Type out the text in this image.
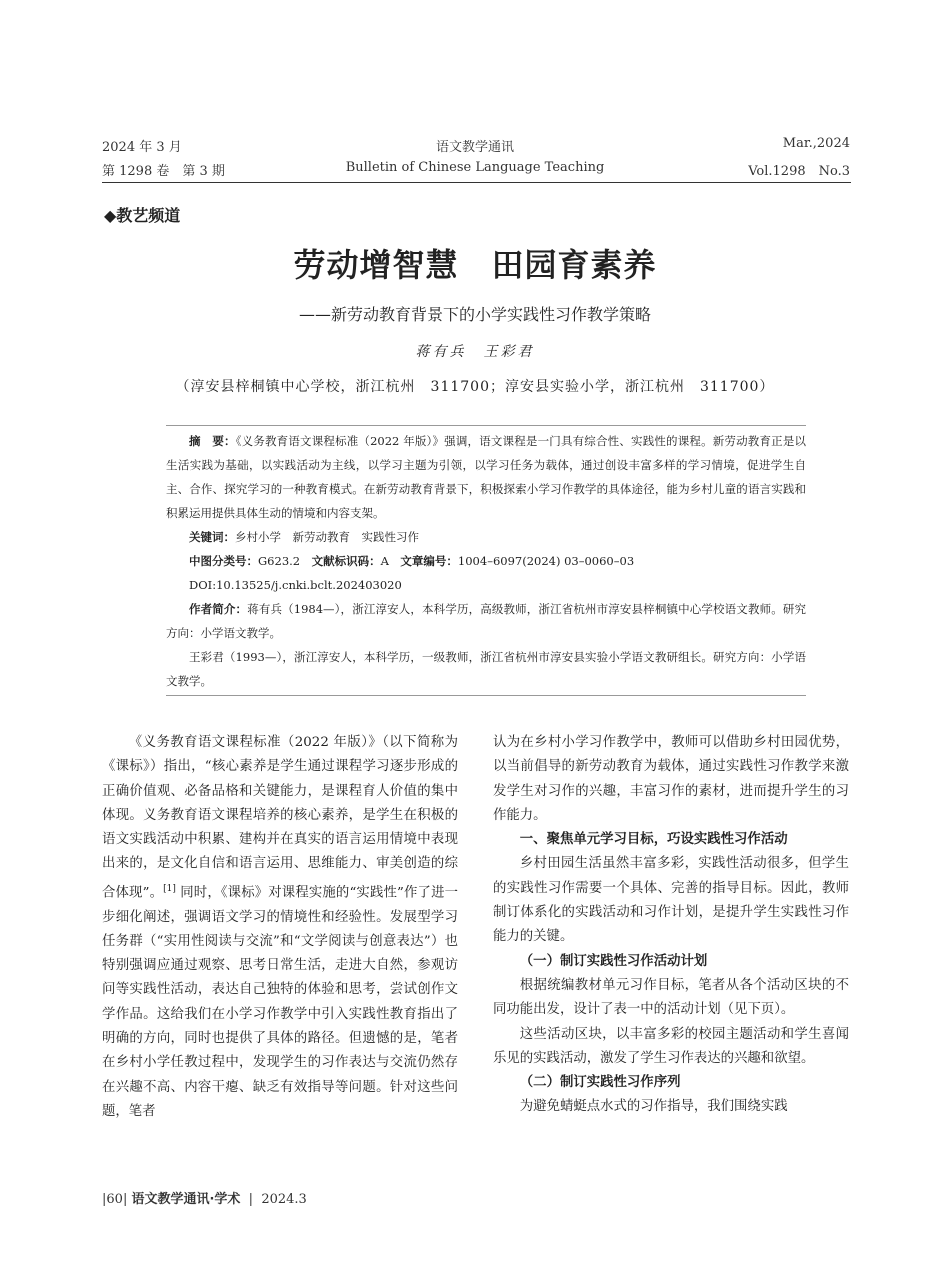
2024 年 3 月
第 1298 卷　第 3 期
语文教学通讯
Bulletin of Chinese Language Teaching
Mar.,2024
Vol.1298　No.3
◆教艺频道
劳动增智慧　田园育素养
——新劳动教育背景下的小学实践性习作教学策略
蒋有兵　王彩君
（淳安县梓桐镇中心学校，浙江杭州　311700；淳安县实验小学，浙江杭州　311700）

摘　要：《义务教育语文课程标准（2022 年版）》强调，语文课程是一门具有综合性、实践性的课程。新劳动教育正是以生活实践为基础，以实践活动为主线，以学习主题为引领，以学习任务为载体，通过创设丰富多样的学习情境，促进学生自主、合作、探究学习的一种教育模式。在新劳动教育背景下，积极探索小学习作教学的具体途径，能为乡村儿童的语言实践和积累运用提供具体生动的情境和内容支架。

关键词：乡村小学　新劳动教育　实践性习作

中图分类号：G623.2　 文献标识码：A　 文章编号：1004–6097(2024) 03–0060–03

DOI:10.13525/j.cnki.bclt.202403020

作者简介：蒋有兵（1984—），浙江淳安人，本科学历，高级教师，浙江省杭州市淳安县梓桐镇中心学校语文教师。研究方向：小学语文教学。

王彩君（1993—），浙江淳安人，本科学历，一级教师，浙江省杭州市淳安县实验小学语文教研组长。研究方向：小学语文教学。

《义务教育语文课程标准（2022 年版）》（以下简称为《课标》）指出，“核心素养是学生通过课程学习逐步形成的正确价值观、必备品格和关键能力，是课程育人价值的集中体现。义务教育语文课程培养的核心素养，是学生在积极的语文实践活动中积累、建构并在真实的语言运用情境中表现出来的，是文化自信和语言运用、思维能力、审美创造的综合体现”。[1] 同时，《课标》对课程实施的“实践性”作了进一步细化阐述，强调语文学习的情境性和经验性。发展型学习任务群（“实用性阅读与交流”和“文学阅读与创意表达”）也特别强调应通过观察、思考日常生活，走进大自然，参观访问等实践性活动，表达自己独特的体验和思考，尝试创作文学作品。这给我们在小学习作教学中引入实践性教育指出了明确的方向，同时也提供了具体的路径。但遗憾的是，笔者在乡村小学任教过程中，发现学生的习作表达与交流仍然存在兴趣不高、内容干瘪、缺乏有效指导等问题。针对这些问题，笔者

认为在乡村小学习作教学中，教师可以借助乡村田园优势，以当前倡导的新劳动教育为载体，通过实践性习作教学来激发学生对习作的兴趣，丰富习作的素材，进而提升学生的习作能力。

一、聚焦单元学习目标，巧设实践性习作活动

乡村田园生活虽然丰富多彩，实践性活动很多，但学生的实践性习作需要一个具体、完善的指导目标。因此，教师制订体系化的实践活动和习作计划，是提升学生实践性习作能力的关键。

（一）制订实践性习作活动计划

根据统编教材单元习作目标，笔者从各个活动区块的不同功能出发，设计了表一中的活动计划（见下页）。

这些活动区块，以丰富多彩的校园主题活动和学生喜闻乐见的实践活动，激发了学生习作表达的兴趣和欲望。

（二）制订实践性习作序列

为避免蜻蜓点水式的习作指导，我们围绕实践

|60| 语文教学通讯·学术  |  2024.3
